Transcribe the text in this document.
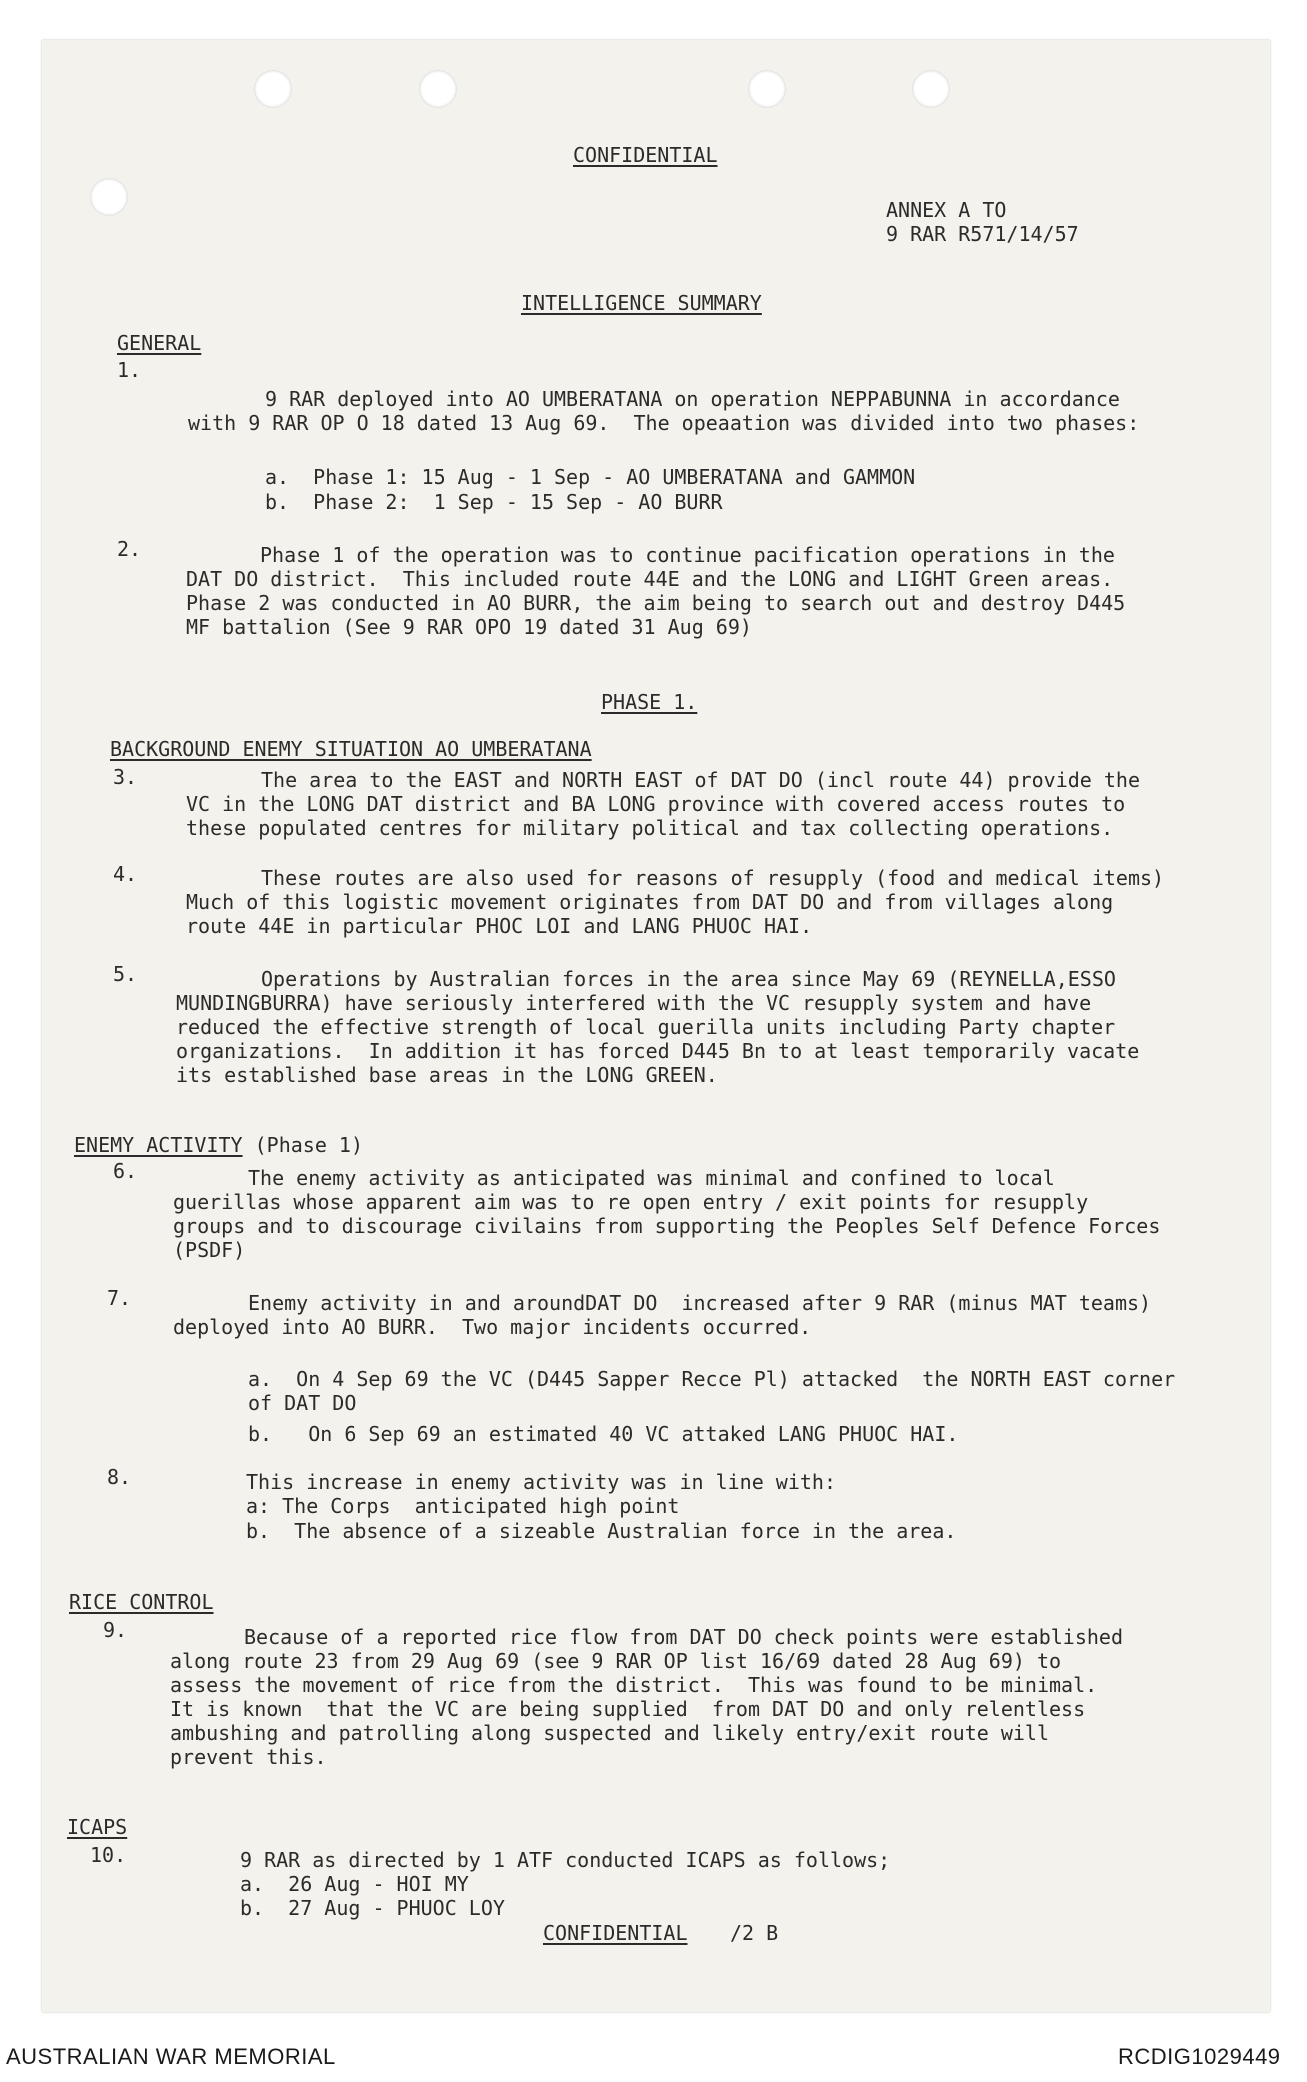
CONFIDENTIAL
ANNEX A TO
9 RAR R571/14/57
INTELLIGENCE SUMMARY
GENERAL
1.
9 RAR deployed into AO UMBERATANA on operation NEPPABUNNA in accordance
with 9 RAR OP O 18 dated 13 Aug 69.  The opeaation was divided into two phases:
a.  Phase 1: 15 Aug - 1 Sep - AO UMBERATANA and GAMMON
b.  Phase 2:  1 Sep - 15 Sep - AO BURR
2.	Phase 1 of the operation was to continue pacification operations in the
DAT DO district.  This included route 44E and the LONG and LIGHT Green areas.
Phase 2 was conducted in AO BURR, the aim being to search out and destroy D445
MF battalion (See 9 RAR OPO 19 dated 31 Aug 69)
PHASE 1.
BACKGROUND ENEMY SITUATION AO UMBERATANA
3.	The area to the EAST and NORTH EAST of DAT DO (incl route 44) provide the
VC in the LONG DAT district and BA LONG province with covered access routes to
these populated centres for military political and tax collecting operations.
4.	These routes are also used for reasons of resupply (food and medical items)
Much of this logistic movement originates from DAT DO and from villages along
route 44E in particular PHOC LOI and LANG PHUOC HAI.
5.	Operations by Australian forces in the area since May 69 (REYNELLA,ESSO
MUNDINGBURRA) have seriously interfered with the VC resupply system and have
reduced the effective strength of local guerilla units including Party chapter
organizations.  In addition it has forced D445 Bn to at least temporarily vacate
its established base areas in the LONG GREEN.
ENEMY ACTIVITY (Phase 1)
6.	The enemy activity as anticipated was minimal and confined to local
guerillas whose apparent aim was to re open entry / exit points for resupply
groups and to discourage civilains from supporting the Peoples Self Defence Forces
(PSDF)
7.	Enemy activity in and aroundDAT DO  increased after 9 RAR (minus MAT teams)
deployed into AO BURR.  Two major incidents occurred.
a.  On 4 Sep 69 the VC (D445 Sapper Recce Pl) attacked  the NORTH EAST corner
of DAT DO
b.   On 6 Sep 69 an estimated 40 VC attaked LANG PHUOC HAI.
8.	This increase in enemy activity was in line with:
a: The Corps  anticipated high point
b.  The absence of a sizeable Australian force in the area.
RICE CONTROL
9.	Because of a reported rice flow from DAT DO check points were established
along route 23 from 29 Aug 69 (see 9 RAR OP list 16/69 dated 28 Aug 69) to
assess the movement of rice from the district.  This was found to be minimal.
It is known  that the VC are being supplied  from DAT DO and only relentless
ambushing and patrolling along suspected and likely entry/exit route will
prevent this.
ICAPS
10.	9 RAR as directed by 1 ATF conducted ICAPS as follows;
a.  26 Aug - HOI MY
b.  27 Aug - PHUOC LOY
CONFIDENTIAL /2 B
AUSTRALIAN WAR MEMORIAL	RCDIG1029449
